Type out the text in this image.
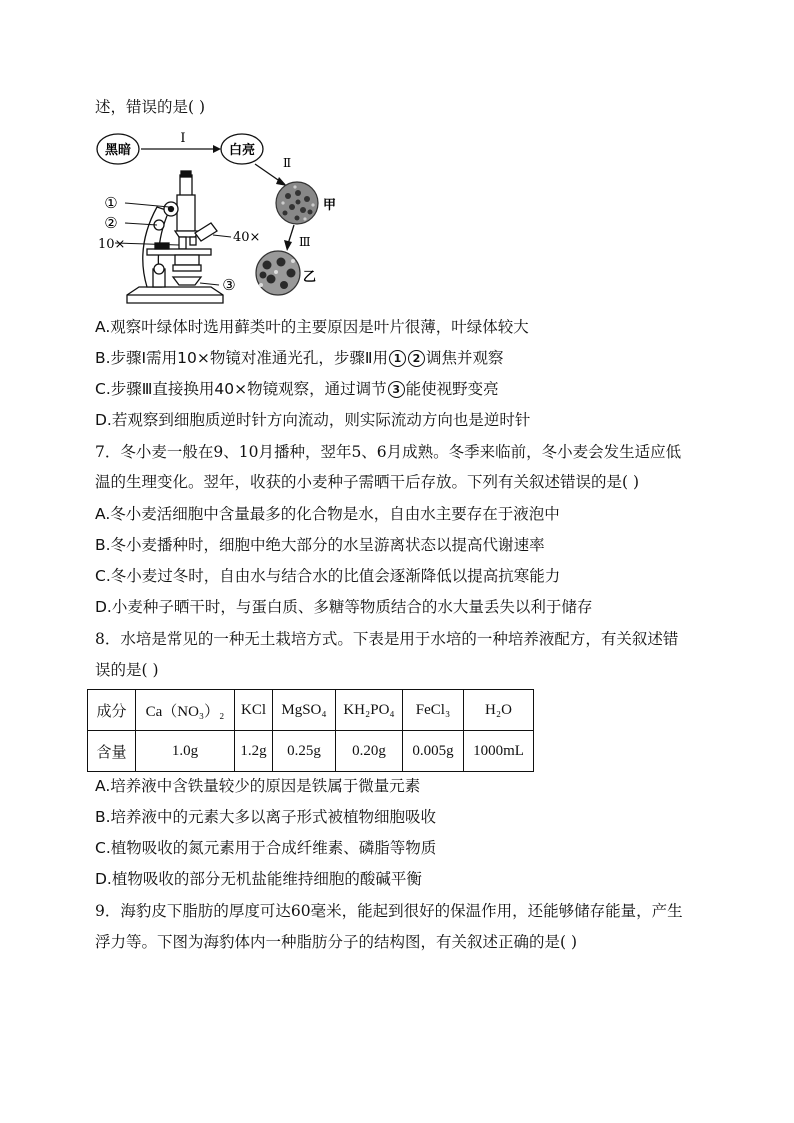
述，错误的是( )
黑暗
Ⅰ
白亮
Ⅱ
甲
Ⅲ
乙
①
②
10×	40×
③
A.观察叶绿体时选用藓类叶的主要原因是叶片很薄，叶绿体较大
B.步骤Ⅰ需用10×物镜对准通光孔，步骤Ⅱ用 1 2 调焦并观察
C.步骤Ⅲ直接换用40×物镜观察，通过调节 3 能使视野变亮
D.若观察到细胞质逆时针方向流动，则实际流动方向也是逆时针
7．冬小麦一般在9、10月播种，翌年5、6月成熟。冬季来临前，冬小麦会发生适应低
温的生理变化。翌年，收获的小麦种子需晒干后存放。下列有关叙述错误的是( )
A.冬小麦活细胞中含量最多的化合物是水，自由水主要存在于液泡中
B.冬小麦播种时，细胞中绝大部分的水呈游离状态以提高代谢速率
C.冬小麦过冬时，自由水与结合水的比值会逐渐降低以提高抗寒能力
D.小麦种子晒干时，与蛋白质、多糖等物质结合的水大量丢失以利于储存
8．水培是常见的一种无土栽培方式。下表是用于水培的一种培养液配方，有关叙述错
误的是( )
成分	Ca（NO₃）₂	KCl	MgSO₄	KH₂PO₄	FeCl₃	H₂O
含量	1.0g	1.2g	0.25g	0.20g	0.005g	1000mL
A.培养液中含铁量较少的原因是铁属于微量元素
B.培养液中的元素大多以离子形式被植物细胞吸收
C.植物吸收的氮元素用于合成纤维素、磷脂等物质
D.植物吸收的部分无机盐能维持细胞的酸碱平衡
9．海豹皮下脂肪的厚度可达60毫米，能起到很好的保温作用，还能够储存能量，产生
浮力等。下图为海豹体内一种脂肪分子的结构图，有关叙述正确的是( )
